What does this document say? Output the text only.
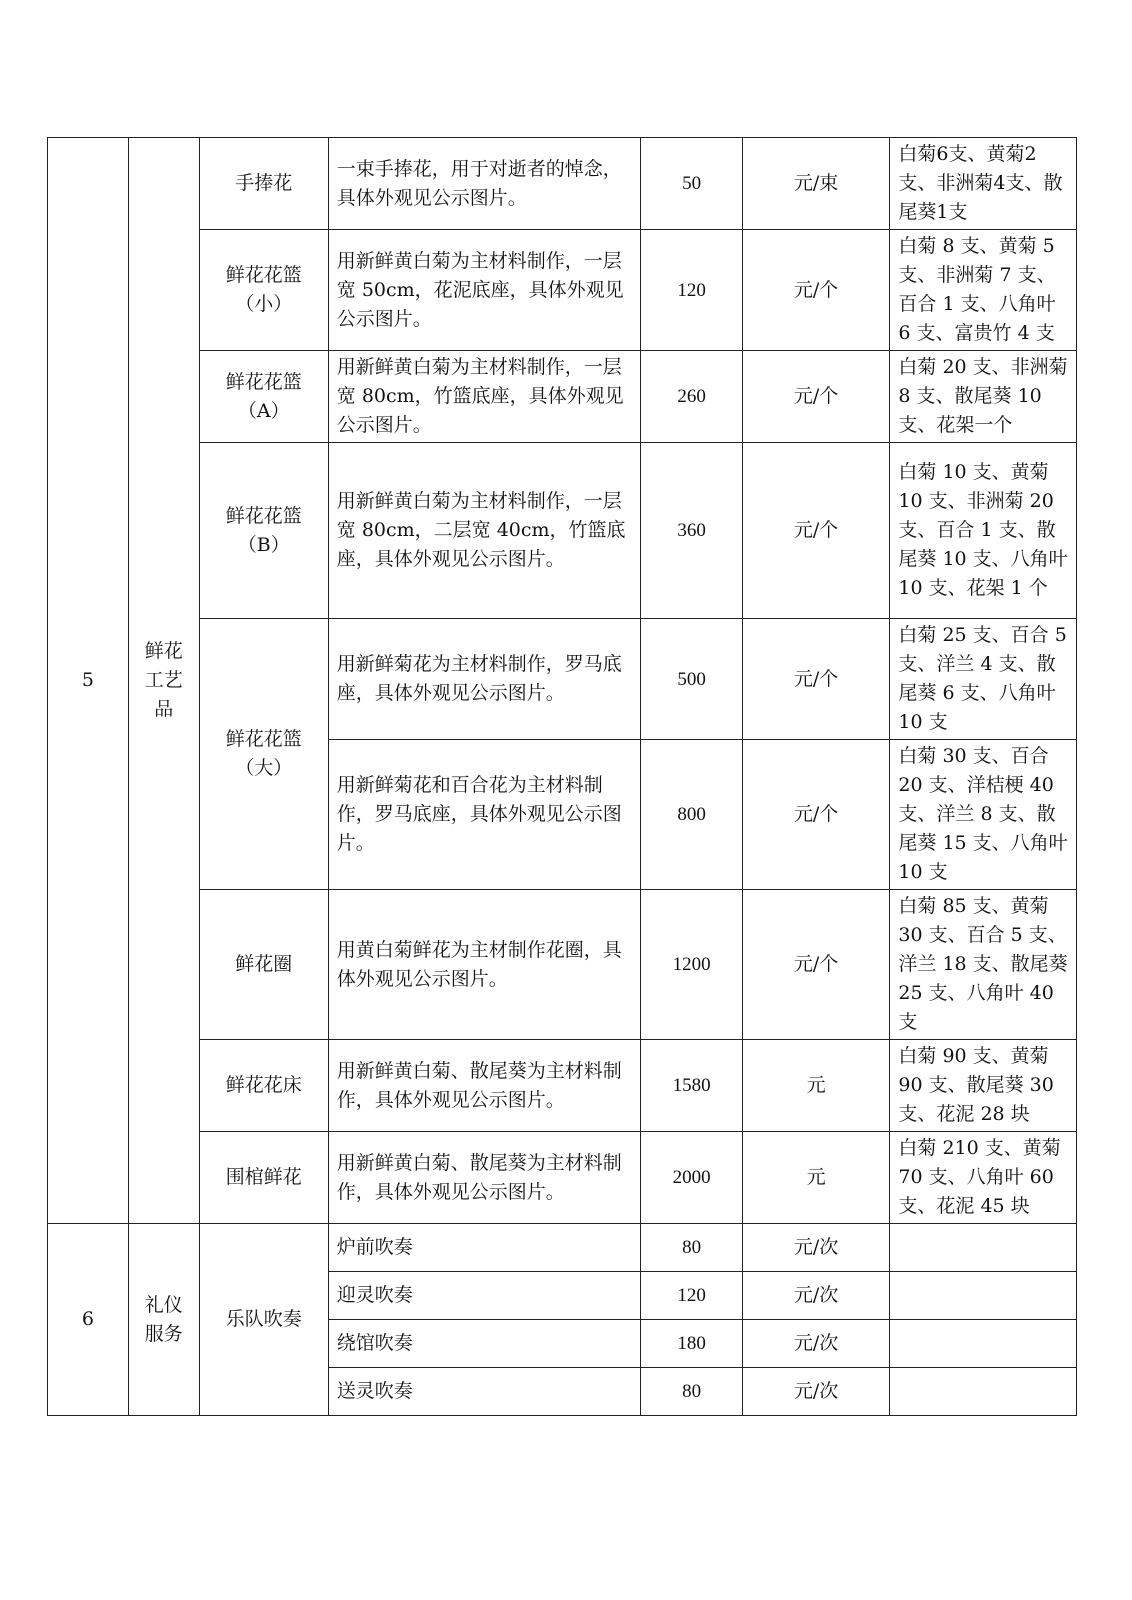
5	鲜花工艺品	手捧花	一束手捧花，用于对逝者的悼念，具体外观见公示图片。	50	元/束	白菊6支、黄菊2支、非洲菊4支、散尾葵1支
		鲜花花篮（小）	用新鲜黄白菊为主材料制作，一层宽 50cm，花泥底座，具体外观见公示图片。	120	元/个	白菊 8 支、黄菊 5 支、非洲菊 7 支、百合 1 支、八角叶 6 支、富贵竹 4 支
		鲜花花篮（A）	用新鲜黄白菊为主材料制作，一层宽 80cm，竹篮底座，具体外观见公示图片。	260	元/个	白菊 20 支、非洲菊 8 支、散尾葵 10 支、花架一个
		鲜花花篮（B）	用新鲜黄白菊为主材料制作，一层宽 80cm，二层宽 40cm，竹篮底座，具体外观见公示图片。	360	元/个	白菊 10 支、黄菊 10 支、非洲菊 20 支、百合 1 支、散尾葵 10 支、八角叶 10 支、花架 1 个
		鲜花花篮（大）	用新鲜菊花为主材料制作，罗马底座，具体外观见公示图片。	500	元/个	白菊 25 支、百合 5 支、洋兰 4 支、散尾葵 6 支、八角叶 10 支
			用新鲜菊花和百合花为主材料制作，罗马底座，具体外观见公示图片。	800	元/个	白菊 30 支、百合 20 支、洋桔梗 40 支、洋兰 8 支、散尾葵 15 支、八角叶 10 支
		鲜花圈	用黄白菊鲜花为主材制作花圈，具体外观见公示图片。	1200	元/个	白菊 85 支、黄菊 30 支、百合 5 支、洋兰 18 支、散尾葵 25 支、八角叶 40 支
		鲜花花床	用新鲜黄白菊、散尾葵为主材料制作，具体外观见公示图片。	1580	元	白菊 90 支、黄菊 90 支、散尾葵 30 支、花泥 28 块
		围棺鲜花	用新鲜黄白菊、散尾葵为主材料制作，具体外观见公示图片。	2000	元	白菊 210 支、黄菊 70 支、八角叶 60 支、花泥 45 块
6	礼仪服务	乐队吹奏	炉前吹奏	80	元/次	
			迎灵吹奏	120	元/次	
			绕馆吹奏	180	元/次	
			送灵吹奏	80	元/次	
